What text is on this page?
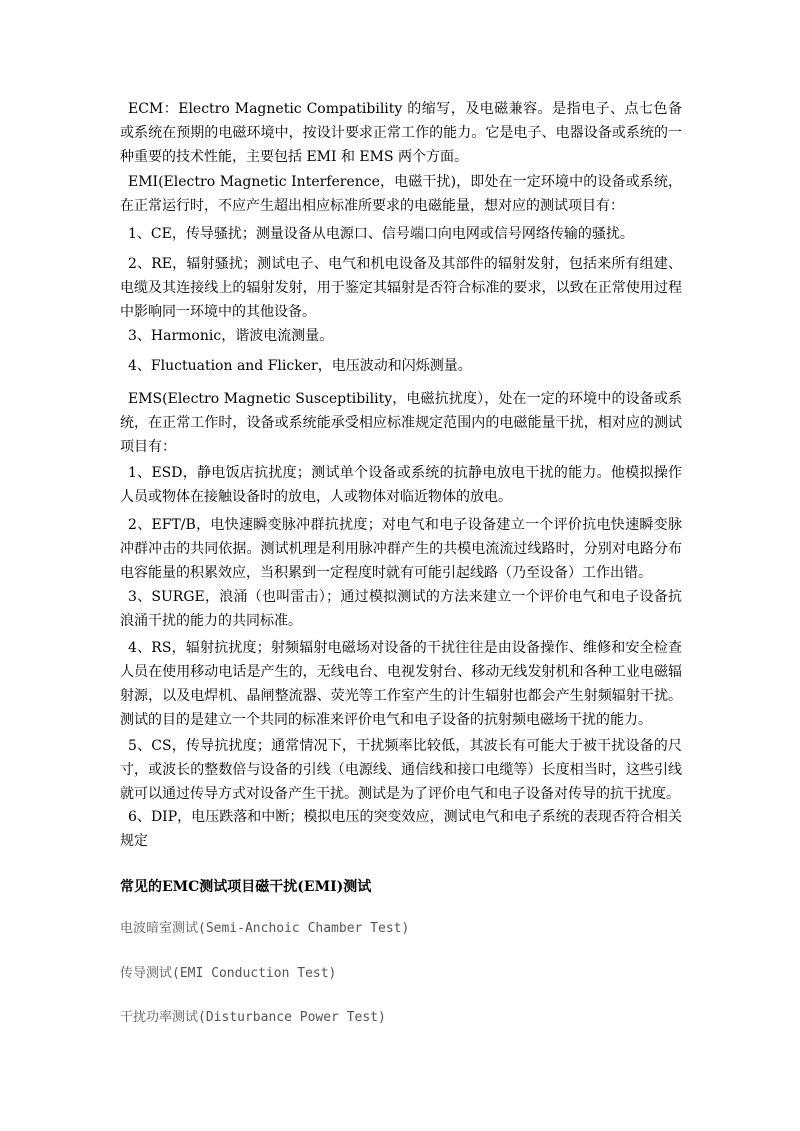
ECM：Electro Magnetic Compatibility 的缩写，及电磁兼容。是指电子、点七色备或系统在预期的电磁环境中，按设计要求正常工作的能力。它是电子、电器设备或系统的一种重要的技术性能，主要包括 EMI 和 EMS 两个方面。

EMI(Electro Magnetic Interference，电磁干扰)，即处在一定环境中的设备或系统，在正常运行时，不应产生超出相应标准所要求的电磁能量，想对应的测试项目有：

1、CE，传导骚扰；测量设备从电源口、信号端口向电网或信号网络传输的骚扰。

2、RE，辐射骚扰；测试电子、电气和机电设备及其部件的辐射发射，包括来所有组建、电缆及其连接线上的辐射发射，用于鉴定其辐射是否符合标准的要求，以致在正常使用过程中影响同一环境中的其他设备。

3、Harmonic，谐波电流测量。

4、Fluctuation and Flicker，电压波动和闪烁测量。

EMS(Electro Magnetic Susceptibility，电磁抗扰度），处在一定的环境中的设备或系统，在正常工作时，设备或系统能承受相应标准规定范围内的电磁能量干扰，相对应的测试项目有：

1、ESD，静电饭店抗扰度；测试单个设备或系统的抗静电放电干扰的能力。他模拟操作人员或物体在接触设备时的放电，人或物体对临近物体的放电。

2、EFT/B，电快速瞬变脉冲群抗扰度；对电气和电子设备建立一个评价抗电快速瞬变脉冲群冲击的共同依据。测试机理是利用脉冲群产生的共模电流流过线路时，分别对电路分布电容能量的积累效应，当积累到一定程度时就有可能引起线路（乃至设备）工作出错。

3、SURGE，浪涌（也叫雷击）；通过模拟测试的方法来建立一个评价电气和电子设备抗浪涌干扰的能力的共同标准。

4、RS，辐射抗扰度；射频辐射电磁场对设备的干扰往往是由设备操作、维修和安全检查人员在使用移动电话是产生的，无线电台、电视发射台、移动无线发射机和各种工业电磁辐射源，以及电焊机、晶闸整流器、荧光等工作室产生的计生辐射也都会产生射频辐射干扰。测试的目的是建立一个共同的标准来评价电气和电子设备的抗射频电磁场干扰的能力。

5、CS，传导抗扰度；通常情况下，干扰频率比较低，其波长有可能大于被干扰设备的尺寸，或波长的整数倍与设备的引线（电源线、通信线和接口电缆等）长度相当时，这些引线就可以通过传导方式对设备产生干扰。测试是为了评价电气和电子设备对传导的抗干扰度。

6、DIP，电压跌落和中断；模拟电压的突变效应，测试电气和电子系统的表现否符合相关规定

常见的EMC测试项目磁干扰(EMI)测试

电波暗室测试(Semi-Anchoic Chamber Test)

传导测试(EMI Conduction Test)

干扰功率测试(Disturbance Power Test)
